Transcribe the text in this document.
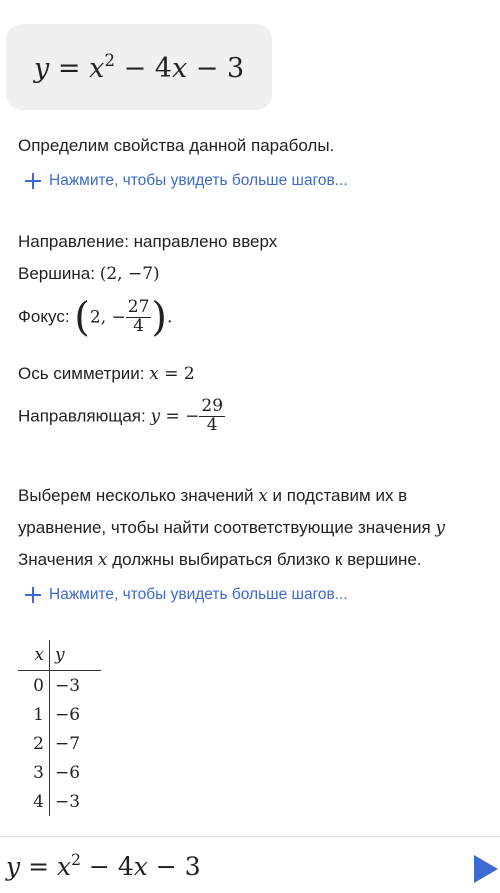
$y = x^2 - 4x - 3$
Определим свойства данной параболы.
Нажмите, чтобы увидеть больше шагов...
Направление: направлено вверх
Вершина: (2, −7)
Фокус: (2, − $\frac{27}{4}$ ).
Ось симметрии: x = 2
Направляющая: y = − $\frac{29}{4}$
Выберем несколько значений x и подставим их в
уравнение, чтобы найти соответствующие значения y
Значения x должны выбираться близко к вершине.
Нажмите, чтобы увидеть больше шагов...
x	y
0	−3
1	−6
2	−7
3	−6
4	−3
$y = x^2 - 4x - 3$
